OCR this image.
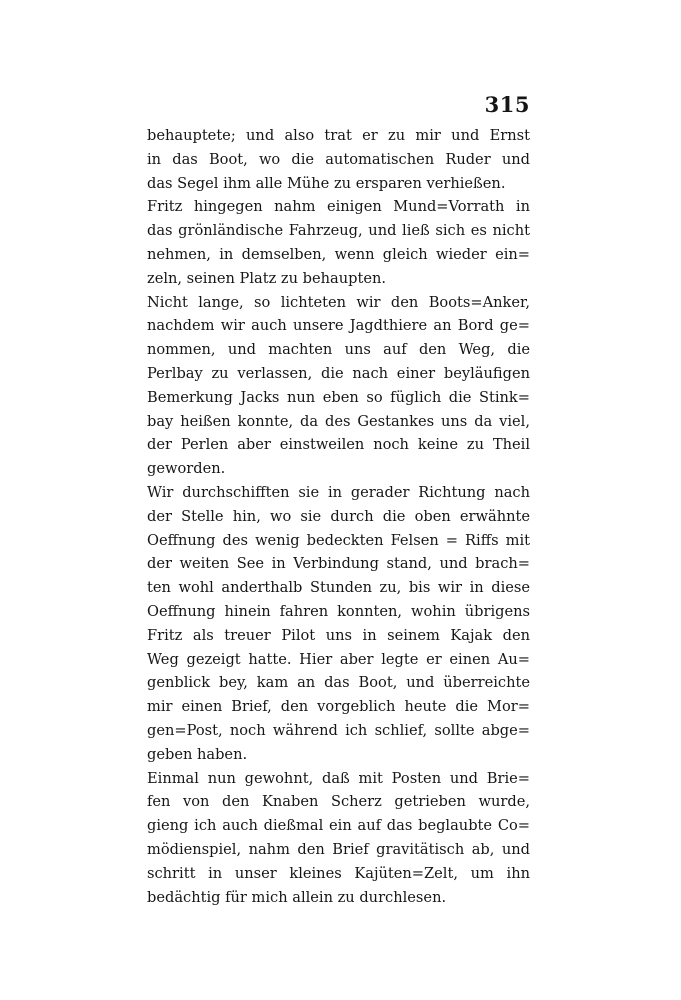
315
behauptete; und also trat er zu mir und Ernst
in das Boot, wo die automatischen Ruder und
das Segel ihm alle Mühe zu ersparen verhießen.
Fritz hingegen nahm einigen Mund=Vorrath in
das grönländische Fahrzeug, und ließ sich es nicht
nehmen, in demselben, wenn gleich wieder ein=
zeln, seinen Platz zu behaupten.
Nicht lange, so lichteten wir den Boots=Anker,
nachdem wir auch unsere Jagdthiere an Bord ge=
nommen, und machten uns auf den Weg, die
Perlbay zu verlassen, die nach einer beyläufigen
Bemerkung Jacks nun eben so füglich die Stink=
bay heißen konnte, da des Gestankes uns da viel,
der Perlen aber einstweilen noch keine zu Theil
geworden.
Wir durchschifften sie in gerader Richtung nach
der Stelle hin, wo sie durch die oben erwähnte
Oeffnung des wenig bedeckten Felsen = Riffs mit
der weiten See in Verbindung stand, und brach=
ten wohl anderthalb Stunden zu, bis wir in diese
Oeffnung hinein fahren konnten, wohin übrigens
Fritz als treuer Pilot uns in seinem Kajak den
Weg gezeigt hatte. Hier aber legte er einen Au=
genblick bey, kam an das Boot, und überreichte
mir einen Brief, den vorgeblich heute die Mor=
gen=Post, noch während ich schlief, sollte abge=
geben haben.
Einmal nun gewohnt, daß mit Posten und Brie=
fen von den Knaben Scherz getrieben wurde,
gieng ich auch dießmal ein auf das beglaubte Co=
mödienspiel, nahm den Brief gravitätisch ab, und
schritt in unser kleines Kajüten=Zelt, um ihn
bedächtig für mich allein zu durchlesen.
